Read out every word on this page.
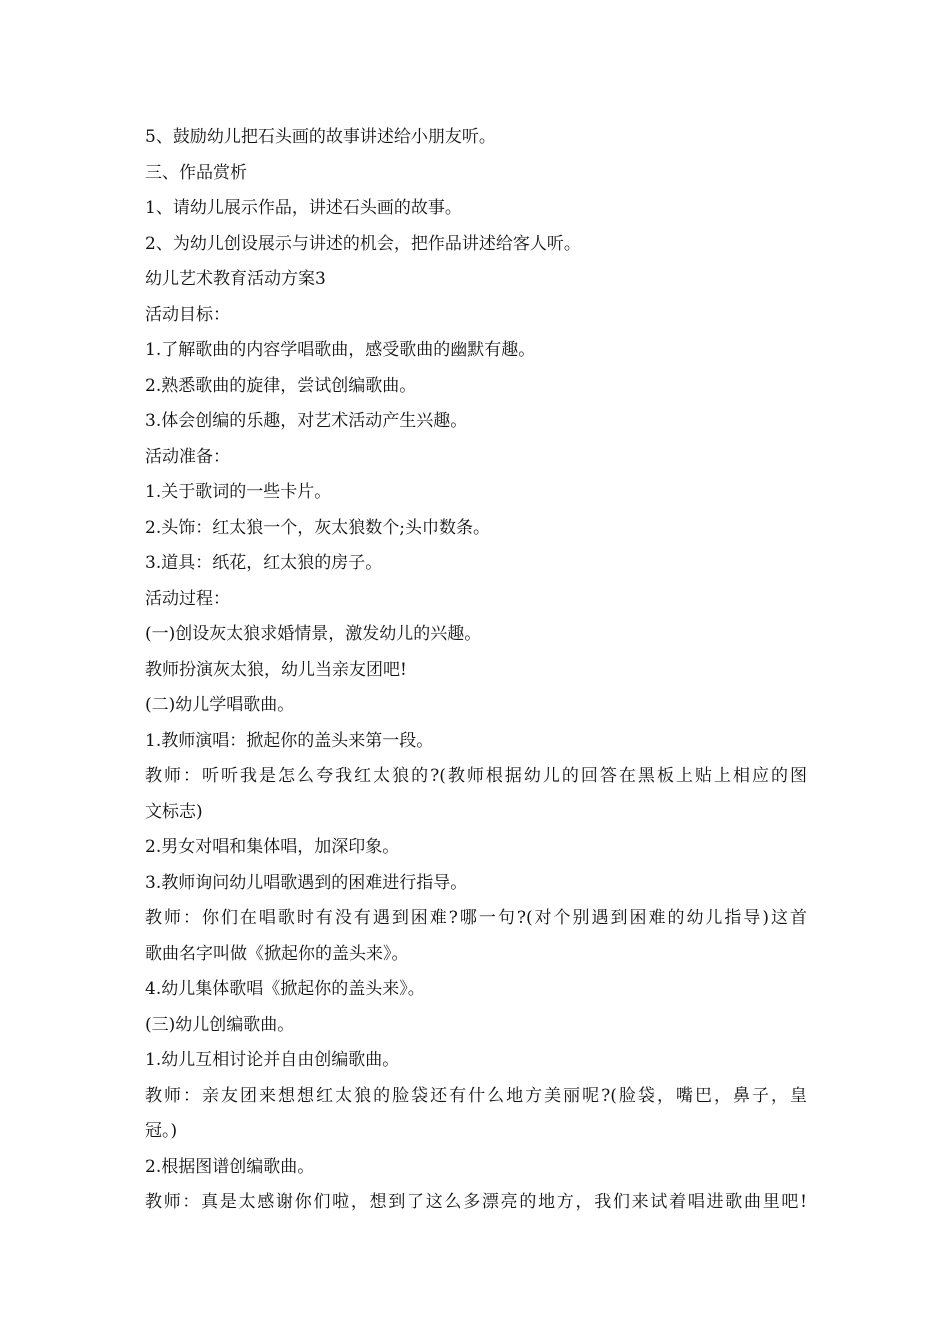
5、鼓励幼儿把石头画的故事讲述给小朋友听。
三、作品赏析
1、请幼儿展示作品，讲述石头画的故事。
2、为幼儿创设展示与讲述的机会，把作品讲述给客人听。
幼儿艺术教育活动方案3
活动目标：
1.了解歌曲的内容学唱歌曲，感受歌曲的幽默有趣。
2.熟悉歌曲的旋律，尝试创编歌曲。
3.体会创编的乐趣，对艺术活动产生兴趣。
活动准备：
1.关于歌词的一些卡片。
2.头饰：红太狼一个，灰太狼数个;头巾数条。
3.道具：纸花，红太狼的房子。
活动过程：
(一)创设灰太狼求婚情景，激发幼儿的兴趣。
教师扮演灰太狼，幼儿当亲友团吧!
(二)幼儿学唱歌曲。
1.教师演唱：掀起你的盖头来第一段。
教师：听听我是怎么夸我红太狼的?(教师根据幼儿的回答在黑板上贴上相应的图
文标志)
2.男女对唱和集体唱，加深印象。
3.教师询问幼儿唱歌遇到的困难进行指导。
教师：你们在唱歌时有没有遇到困难?哪一句?(对个别遇到困难的幼儿指导)这首
歌曲名字叫做《掀起你的盖头来》。
4.幼儿集体歌唱《掀起你的盖头来》。
(三)幼儿创编歌曲。
1.幼儿互相讨论并自由创编歌曲。
教师：亲友团来想想红太狼的脸袋还有什么地方美丽呢?(脸袋，嘴巴，鼻子，皇
冠。)
2.根据图谱创编歌曲。
教师：真是太感谢你们啦，想到了这么多漂亮的地方，我们来试着唱进歌曲里吧!
